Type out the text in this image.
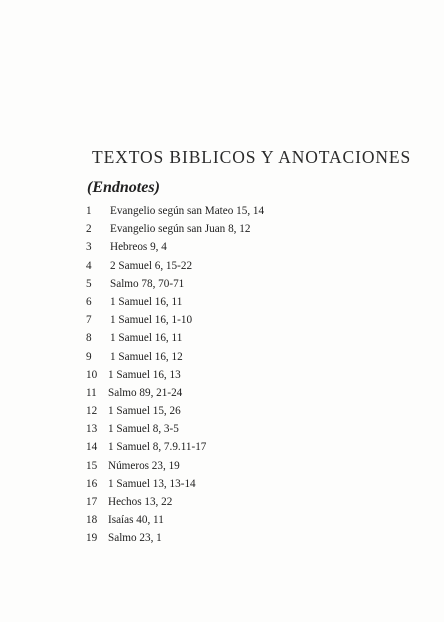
TEXTOS BIBLICOS Y ANOTACIONES
(Endnotes)
1	Evangelio según san Mateo 15, 14
2	Evangelio según san Juan 8, 12
3	Hebreos 9, 4
4	2 Samuel 6, 15-22
5	Salmo 78, 70-71
6	1 Samuel 16, 11
7	1 Samuel 16, 1-10
8	1 Samuel 16, 11
9	1 Samuel 16, 12
10 1 Samuel 16, 13
11 Salmo 89, 21-24
12 1 Samuel 15, 26
13 1 Samuel 8, 3-5
14 1 Samuel 8, 7.9.11-17
15 Números 23, 19
16 1 Samuel 13, 13-14
17 Hechos 13, 22
18 Isaías 40, 11
19 Salmo 23, 1
